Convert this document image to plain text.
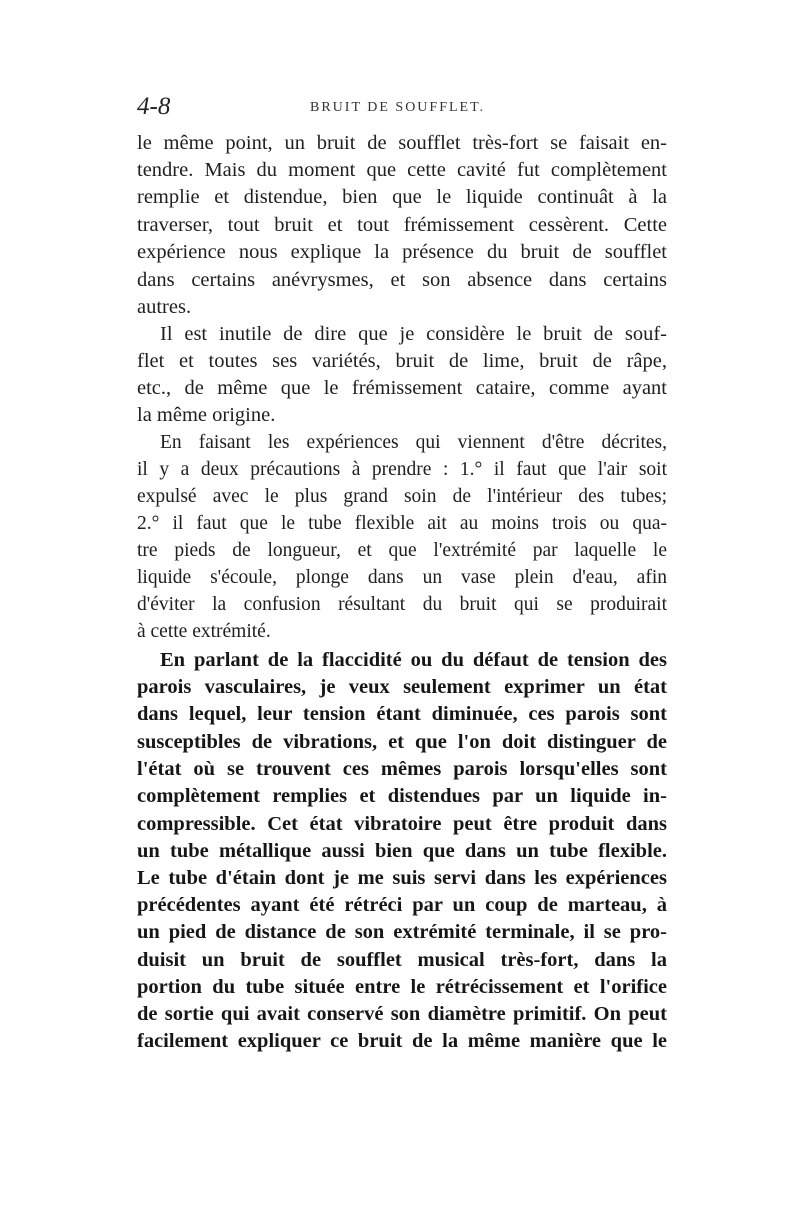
4-8	BRUIT DE SOUFFLET.
le même point, un bruit de soufflet très-fort se faisait en-
tendre. Mais du moment que cette cavité fut complètement
remplie et distendue, bien que le liquide continuât à la
traverser, tout bruit et tout frémissement cessèrent. Cette
expérience nous explique la présence du bruit de soufflet
dans certains anévrysmes, et son absence dans certains
autres.
Il est inutile de dire que je considère le bruit de souf-
flet et toutes ses variétés, bruit de lime, bruit de râpe,
etc., de même que le frémissement cataire, comme ayant
la même origine.
En faisant les expériences qui viennent d'être décrites,
il y a deux précautions à prendre : 1.° il faut que l'air soit
expulsé avec le plus grand soin de l'intérieur des tubes;
2.° il faut que le tube flexible ait au moins trois ou qua-
tre pieds de longueur, et que l'extrémité par laquelle le
liquide s'écoule, plonge dans un vase plein d'eau, afin
d'éviter la confusion résultant du bruit qui se produirait
à cette extrémité.
En parlant de la flaccidité ou du défaut de tension des
parois vasculaires, je veux seulement exprimer un état
dans lequel, leur tension étant diminuée, ces parois sont
susceptibles de vibrations, et que l'on doit distinguer de
l'état où se trouvent ces mêmes parois lorsqu'elles sont
complètement remplies et distendues par un liquide in-
compressible. Cet état vibratoire peut être produit dans
un tube métallique aussi bien que dans un tube flexible.
Le tube d'étain dont je me suis servi dans les expériences
précédentes ayant été rétréci par un coup de marteau, à
un pied de distance de son extrémité terminale, il se pro-
duisit un bruit de soufflet musical très-fort, dans la
portion du tube située entre le rétrécissement et l'orifice
de sortie qui avait conservé son diamètre primitif. On peut
facilement expliquer ce bruit de la même manière que le
